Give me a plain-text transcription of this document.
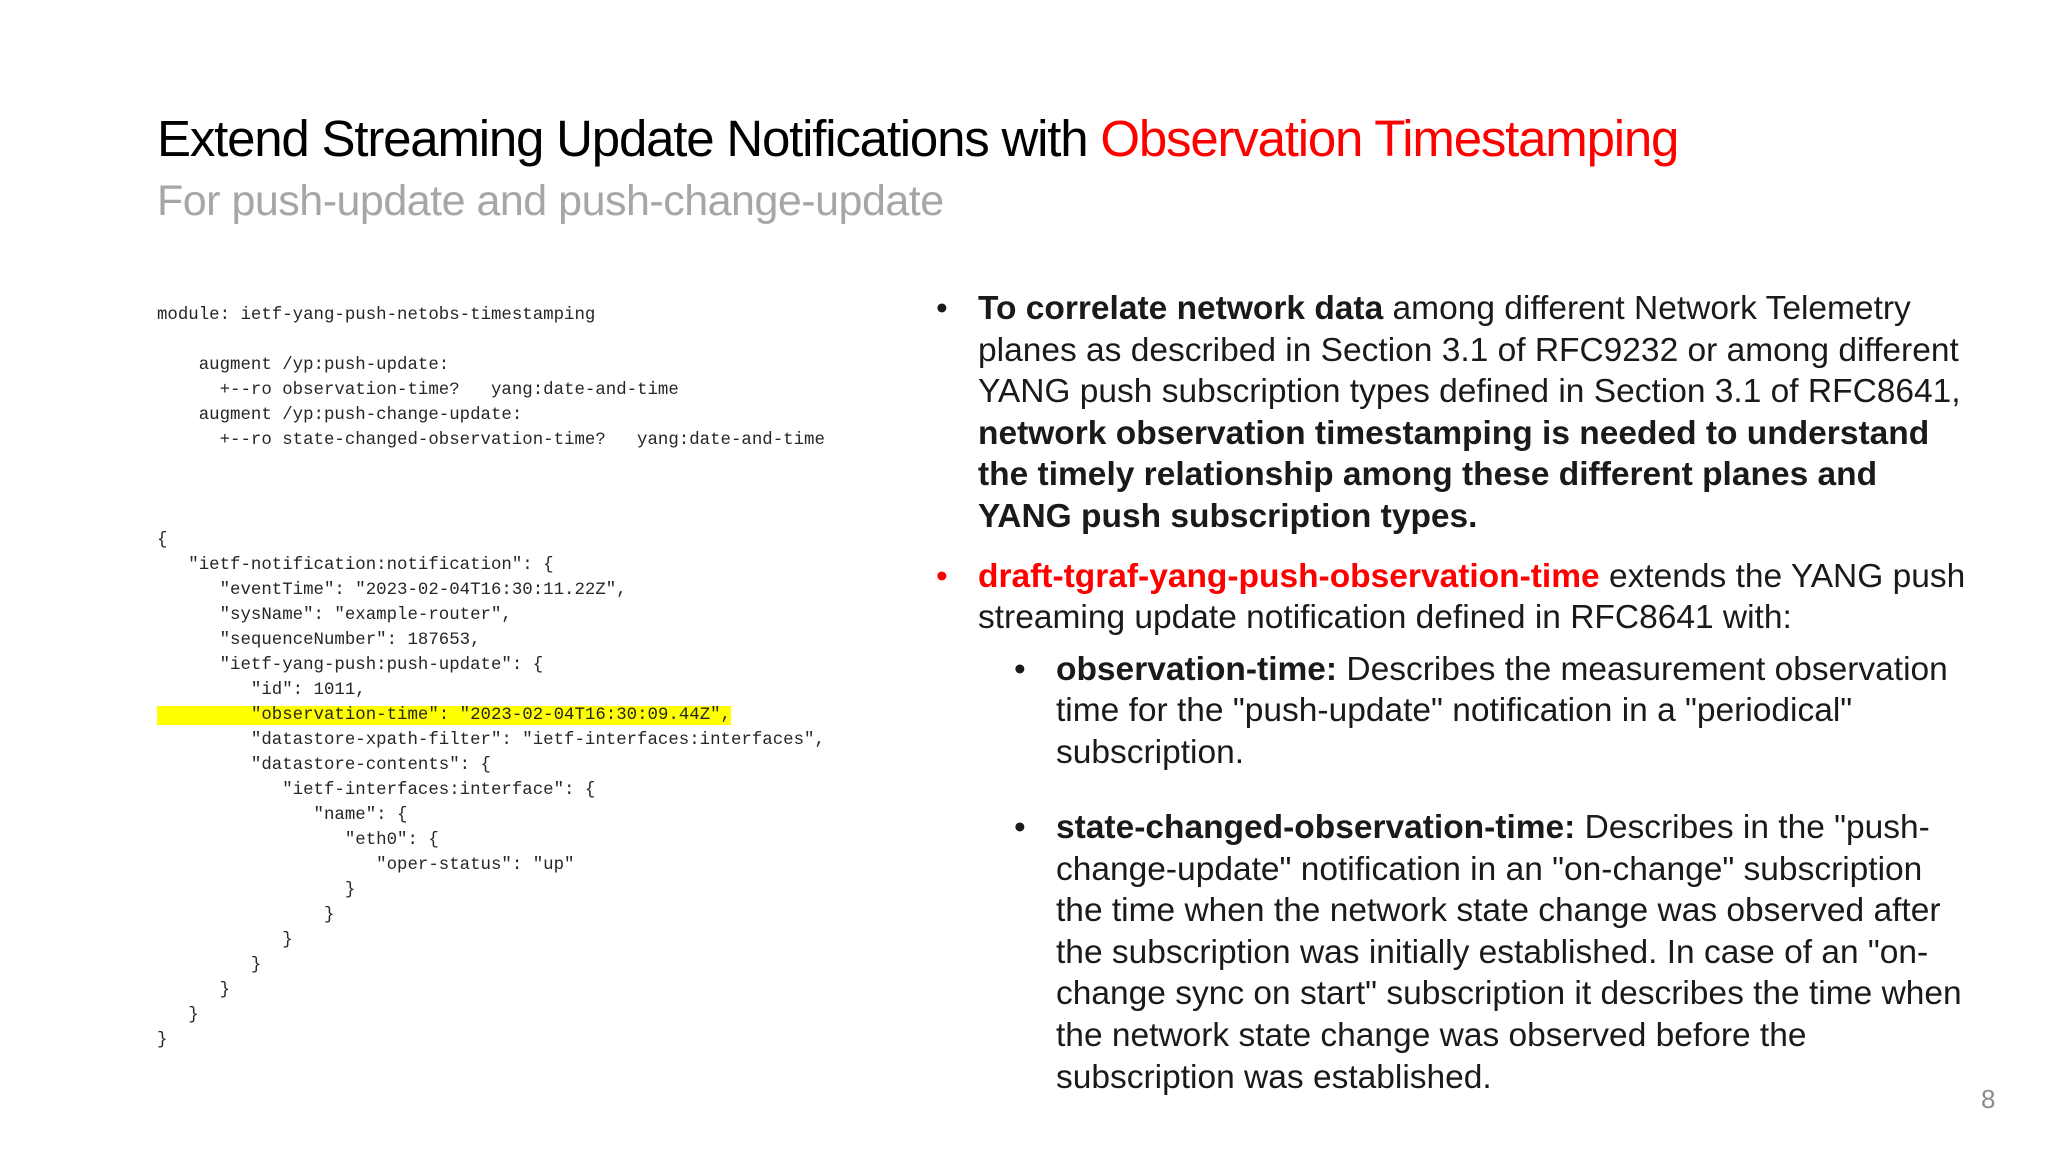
Extend Streaming Update Notifications with Observation Timestamping
For push-update and push-change-update
module: ietf-yang-push-netobs-timestamping
augment /yp:push-update:
+--ro observation-time?   yang:date-and-time
augment /yp:push-change-update:
+--ro state-changed-observation-time?   yang:date-and-time
{
"ietf-notification:notification": {
"eventTime": "2023-02-04T16:30:11.22Z",
"sysName": "example-router",
"sequenceNumber": 187653,
"ietf-yang-push:push-update": {
"id": 1011,
"observation-time": "2023-02-04T16:30:09.44Z",
"datastore-xpath-filter": "ietf-interfaces:interfaces",
"datastore-contents": {
"ietf-interfaces:interface": {
"name": {
"eth0": {
"oper-status": "up"
}
}
}
}
}
}
}

• To correlate network data among different Network Telemetry planes as described in Section 3.1 of RFC9232 or among different YANG push subscription types defined in Section 3.1 of RFC8641, network observation timestamping is needed to understand the timely relationship among these different planes and YANG push subscription types.

• draft-tgraf-yang-push-observation-time extends the YANG push streaming update notification defined in RFC8641 with:

• observation-time: Describes the measurement observation time for the "push-update" notification in a "periodical" subscription.

• state-changed-observation-time: Describes in the "push-change-update" notification in an "on-change" subscription the time when the network state change was observed after the subscription was initially established. In case of an "on-change sync on start" subscription it describes the time when the network state change was observed before the subscription was established.

8
